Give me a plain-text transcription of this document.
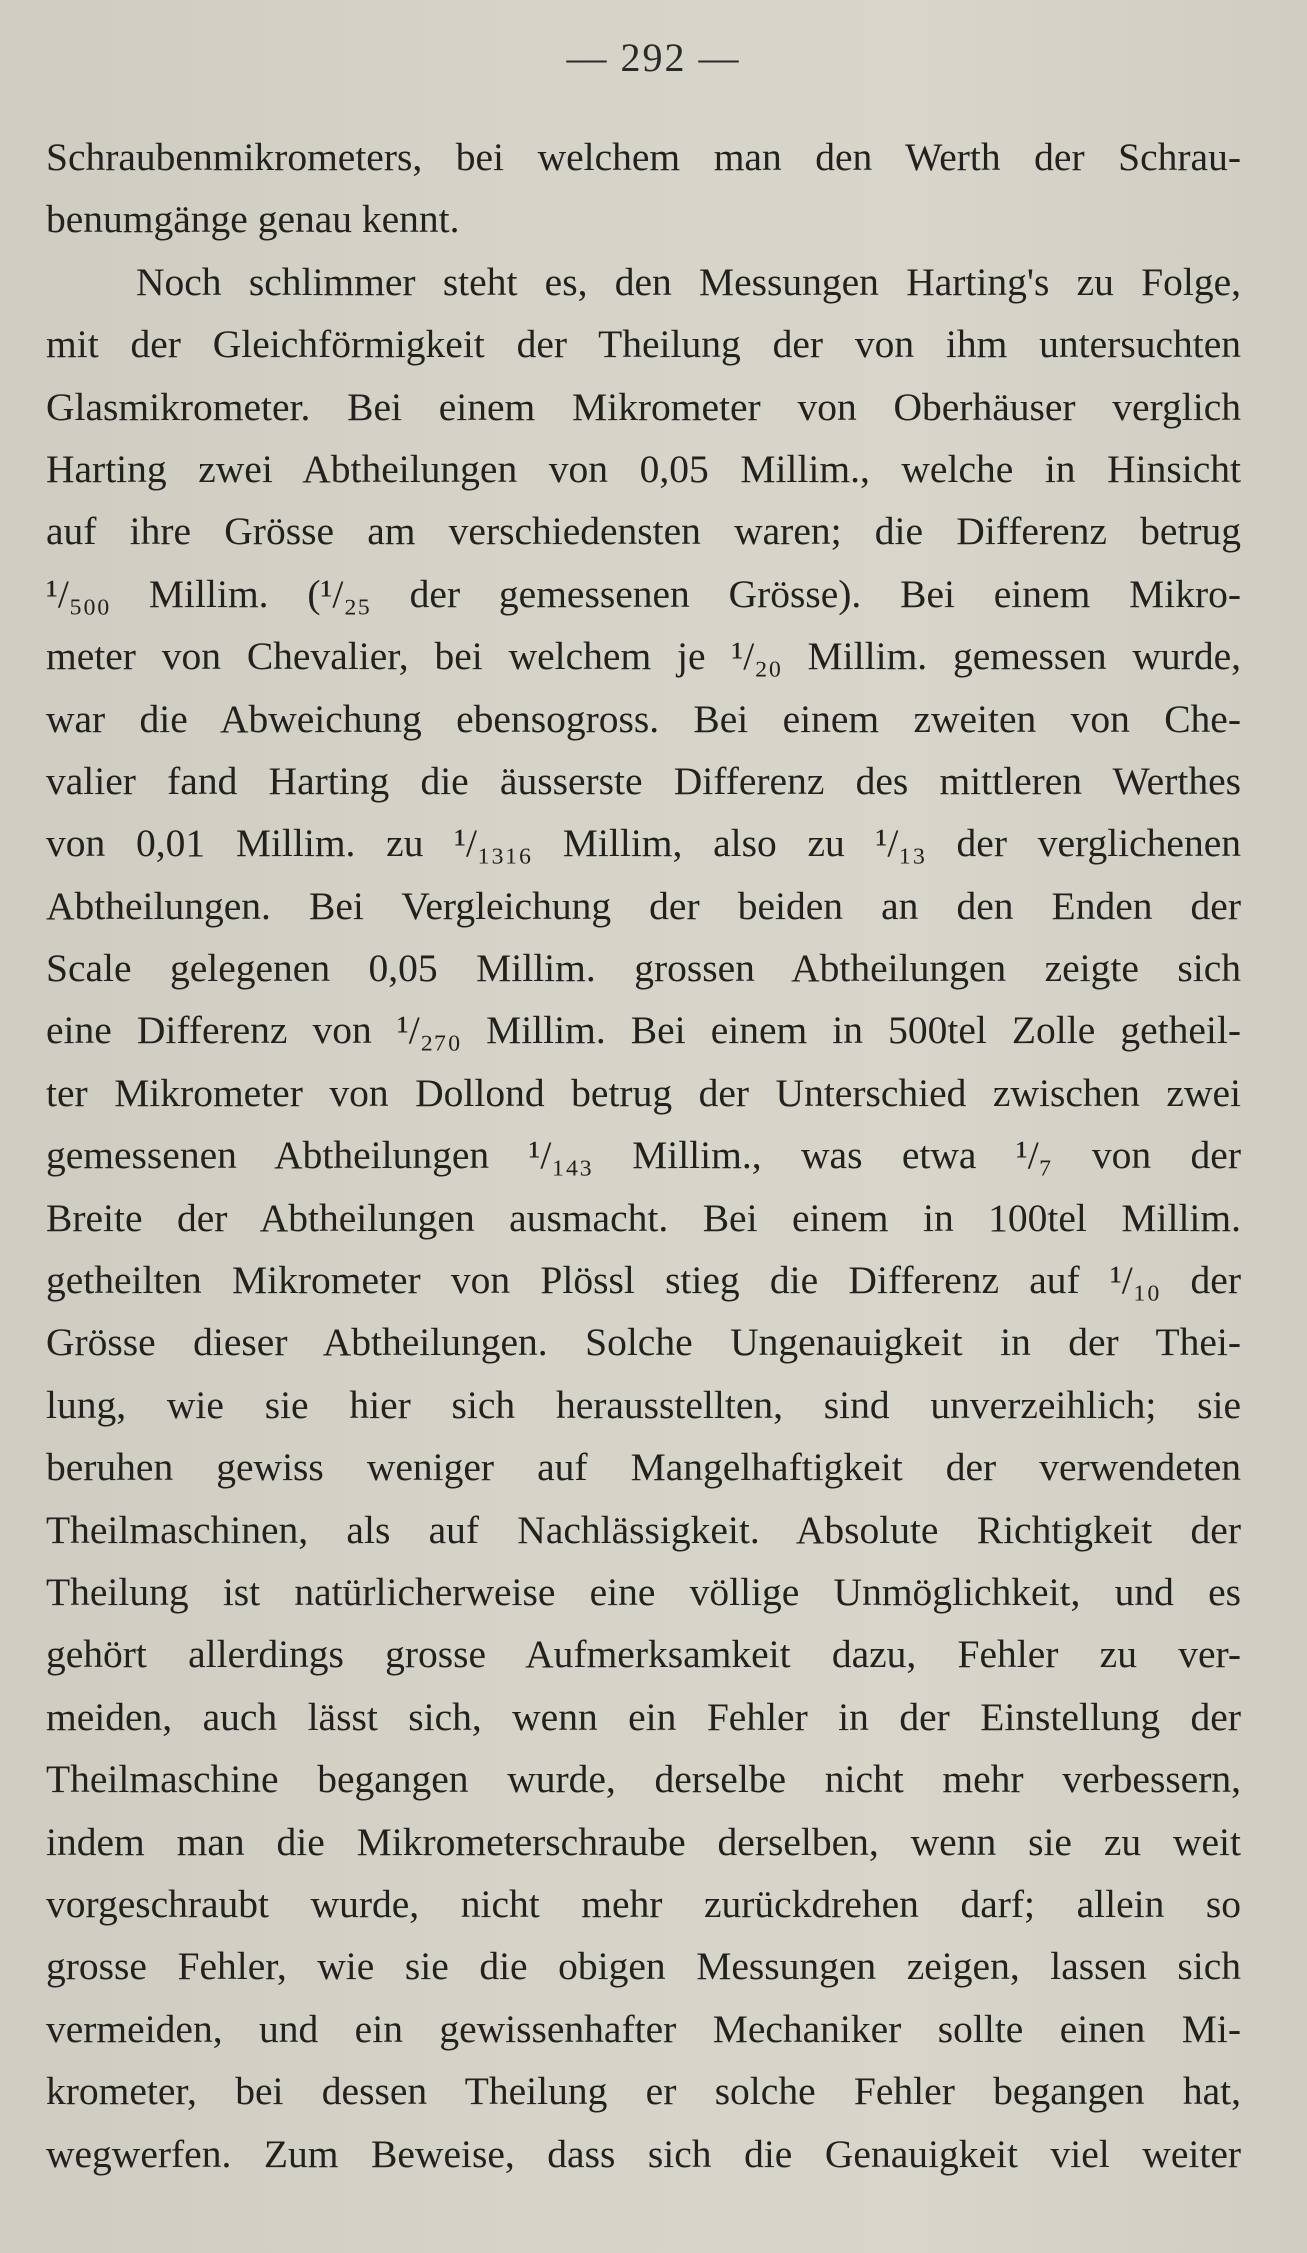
— 292 —
Schraubenmikrometers, bei welchem man den Werth der Schrau-
benumgänge genau kennt.
Noch schlimmer steht es, den Messungen Harting's zu Folge,
mit der Gleichförmigkeit der Theilung der von ihm untersuchten
Glasmikrometer. Bei einem Mikrometer von Oberhäuser verglich
Harting zwei Abtheilungen von 0,05 Millim., welche in Hinsicht
auf ihre Grösse am verschiedensten waren; die Differenz betrug
¹/₅₀₀ Millim. (¹/₂₅ der gemessenen Grösse). Bei einem Mikro-
meter von Chevalier, bei welchem je ¹/₂₀ Millim. gemessen wurde,
war die Abweichung ebensogross. Bei einem zweiten von Che-
valier fand Harting die äusserste Differenz des mittleren Werthes
von 0,01 Millim. zu ¹/₁₃₁₆ Millim, also zu ¹/₁₃ der verglichenen
Abtheilungen. Bei Vergleichung der beiden an den Enden der
Scale gelegenen 0,05 Millim. grossen Abtheilungen zeigte sich
eine Differenz von ¹/₂₇₀ Millim. Bei einem in 500tel Zolle getheil-
ter Mikrometer von Dollond betrug der Unterschied zwischen zwei
gemessenen Abtheilungen ¹/₁₄₃ Millim., was etwa ¹/₇ von der
Breite der Abtheilungen ausmacht. Bei einem in 100tel Millim.
getheilten Mikrometer von Plössl stieg die Differenz auf ¹/₁₀ der
Grösse dieser Abtheilungen. Solche Ungenauigkeit in der Thei-
lung, wie sie hier sich herausstellten, sind unverzeihlich; sie
beruhen gewiss weniger auf Mangelhaftigkeit der verwendeten
Theilmaschinen, als auf Nachlässigkeit. Absolute Richtigkeit der
Theilung ist natürlicherweise eine völlige Unmöglichkeit, und es
gehört allerdings grosse Aufmerksamkeit dazu, Fehler zu ver-
meiden, auch lässt sich, wenn ein Fehler in der Einstellung der
Theilmaschine begangen wurde, derselbe nicht mehr verbessern,
indem man die Mikrometerschraube derselben, wenn sie zu weit
vorgeschraubt wurde, nicht mehr zurückdrehen darf; allein so
grosse Fehler, wie sie die obigen Messungen zeigen, lassen sich
vermeiden, und ein gewissenhafter Mechaniker sollte einen Mi-
krometer, bei dessen Theilung er solche Fehler begangen hat,
wegwerfen. Zum Beweise, dass sich die Genauigkeit viel weiter
